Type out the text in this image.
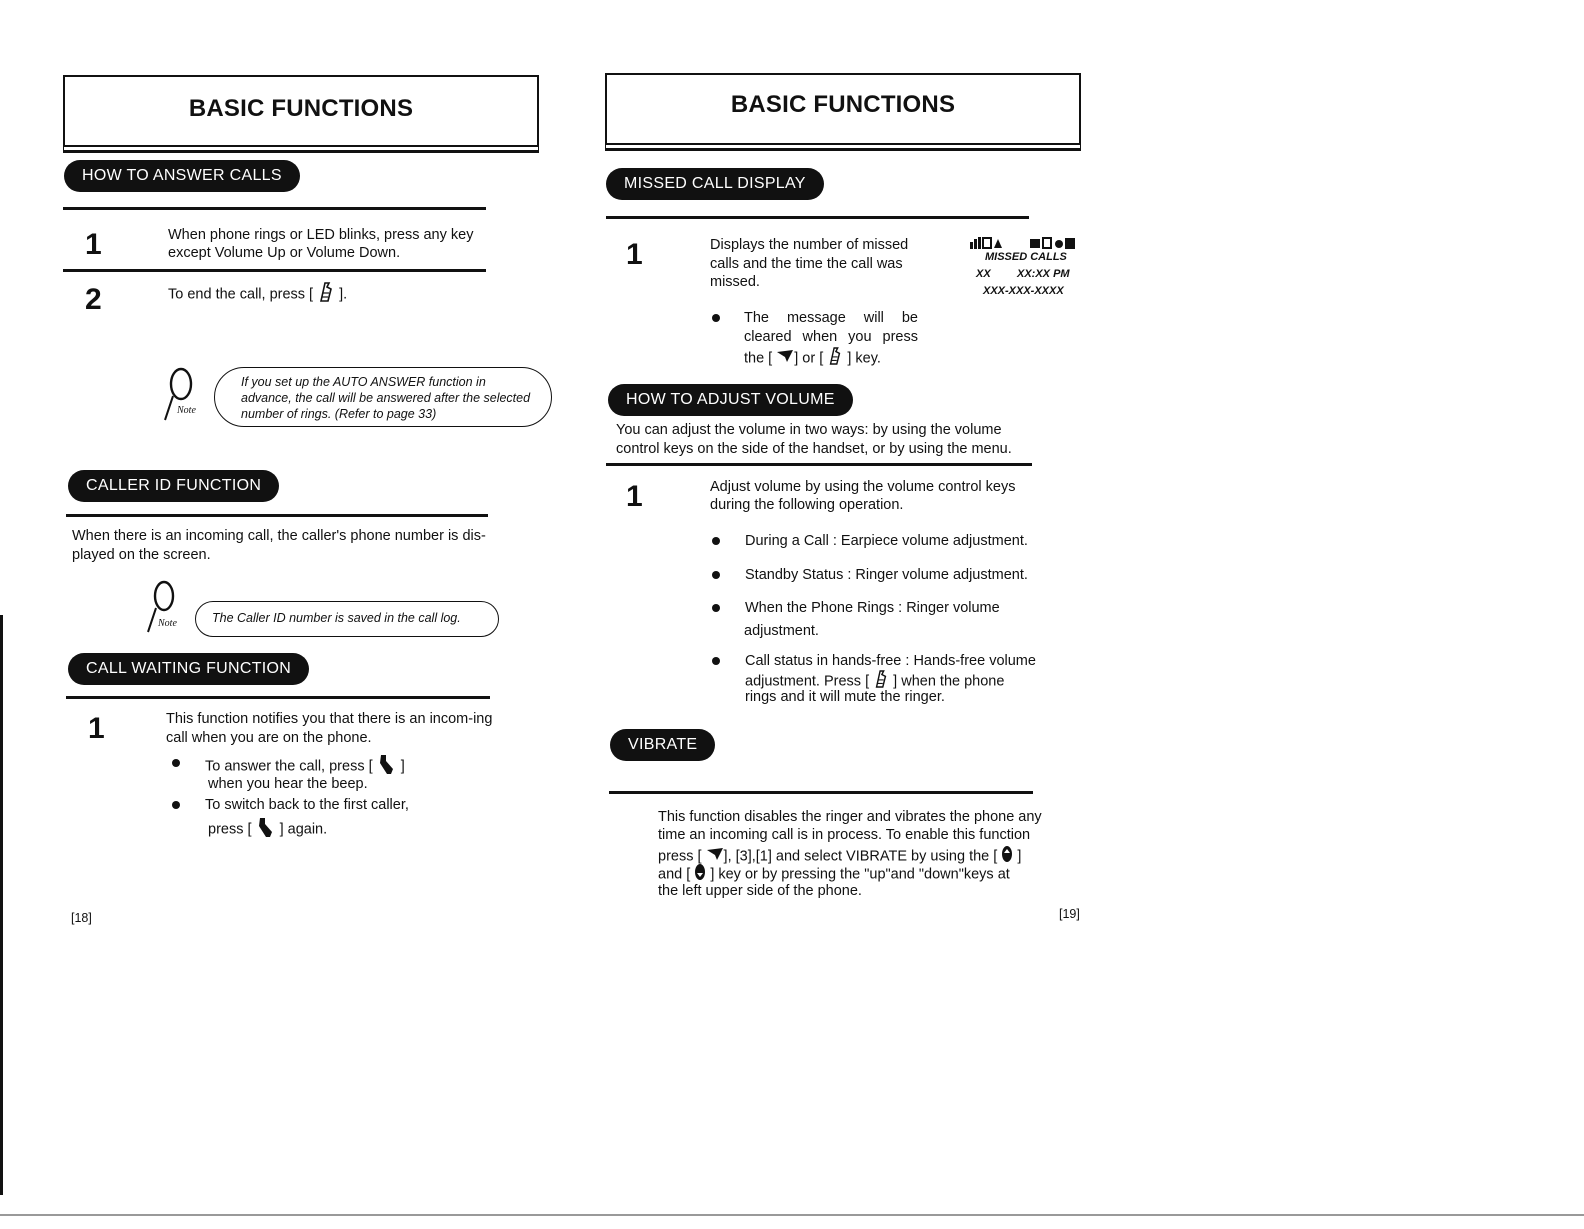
BASIC FUNCTIONS
HOW TO ANSWER CALLS
1	When phone rings or LED blinks, press any key except Volume Up or Volume Down.
2	To end the call, press [ ].
Note
If you set up the AUTO ANSWER function in advance, the call will be answered after the selected number of rings. (Refer to page 33)
CALLER ID FUNCTION
When there is an incoming call, the caller's phone number is dis-played on the screen.
Note	The Caller ID number is saved in the call log.
CALL WAITING FUNCTION
1	This function notifies you that there is an incom-ing call when you are on the phone.
To answer the call, press [ ]
when you hear the beep.
To switch back to the first caller,
press [ ] again.
[18]
BASIC FUNCTIONS
MISSED CALL DISPLAY
1	Displays the number of missed calls and the time the call was missed.
MISSED CALLS
XX XX:XX PM
XXX-XXX-XXXX
The message will be cleared when you press the [ ] or [ ] key.
HOW TO ADJUST VOLUME
You can adjust the volume in two ways: by using the volume control keys on the side of the handset, or by using the menu.
1	Adjust volume by using the volume control keys during the following operation.
During a Call : Earpiece volume adjustment.
Standby Status : Ringer volume adjustment.
When the Phone Rings : Ringer volume
adjustment.
Call status in hands-free : Hands-free volume
adjustment. Press [ ] when the phone
rings and it will mute the ringer.
VIBRATE
This function disables the ringer and vibrates the phone any
time an incoming call is in process. To enable this function
press [ ], [3],[1] and select VIBRATE by using the [ ]
and [ ] key or by pressing the "up"and "down"keys at
the left upper side of the phone.
[19]
